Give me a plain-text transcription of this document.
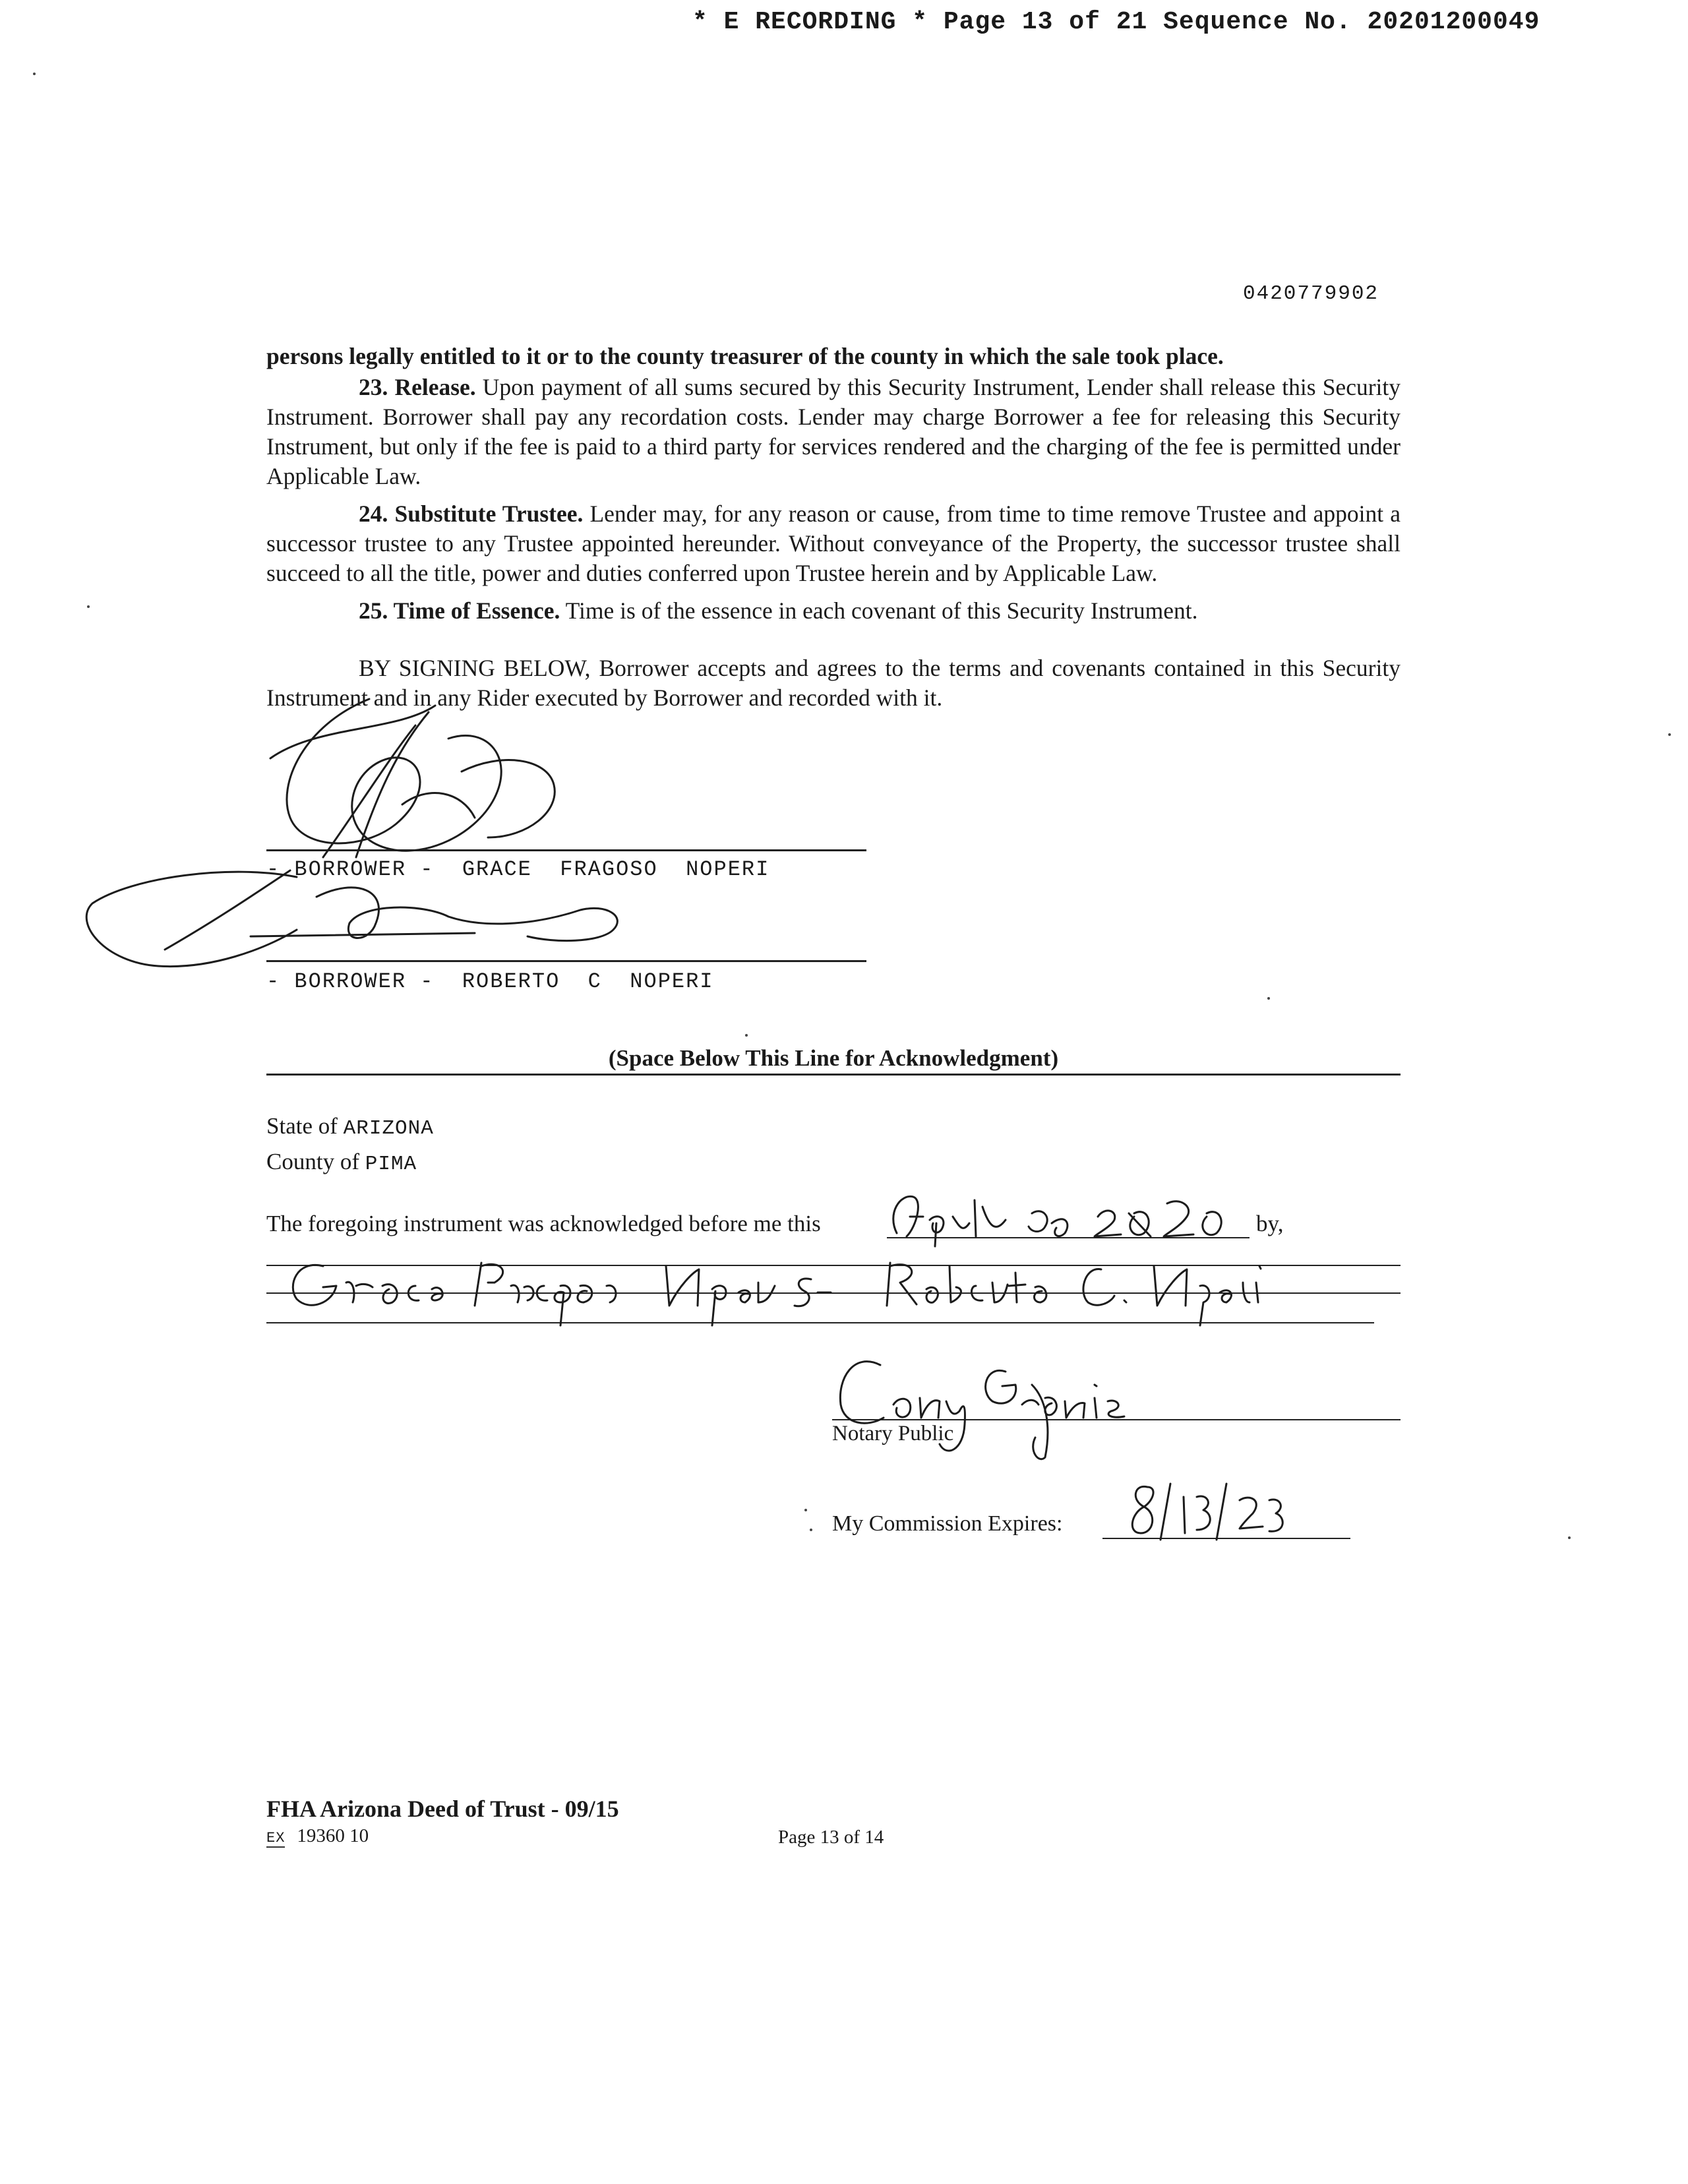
* E RECORDING * Page 13 of 21 Sequence No. 20201200049
0420779902

persons legally entitled to it or to the county treasurer of the county in which the sale took place.

23. Release. Upon payment of all sums secured by this Security Instrument, Lender shall release this Security Instrument. Borrower shall pay any recordation costs. Lender may charge Borrower a fee for releasing this Security Instrument, but only if the fee is paid to a third party for services rendered and the charging of the fee is permitted under Applicable Law.

24. Substitute Trustee. Lender may, for any reason or cause, from time to time remove Trustee and appoint a successor trustee to any Trustee appointed hereunder. Without conveyance of the Property, the successor trustee shall succeed to all the title, power and duties conferred upon Trustee herein and by Applicable Law.

25. Time of Essence. Time is of the essence in each covenant of this Security Instrument.

BY SIGNING BELOW, Borrower accepts and agrees to the terms and covenants contained in this Security Instrument and in any Rider executed by Borrower and recorded with it.

- BORROWER -  GRACE  FRAGOSO  NOPERI
- BORROWER -  ROBERTO  C  NOPERI
(Space Below This Line for Acknowledgment)
State of ARIZONA
County of PIMA
The foregoing instrument was acknowledged before me this	by,
Notary Public
My Commission Expires:
FHA Arizona Deed of Trust - 09/15
EX 19360 10	Page 13 of 14
